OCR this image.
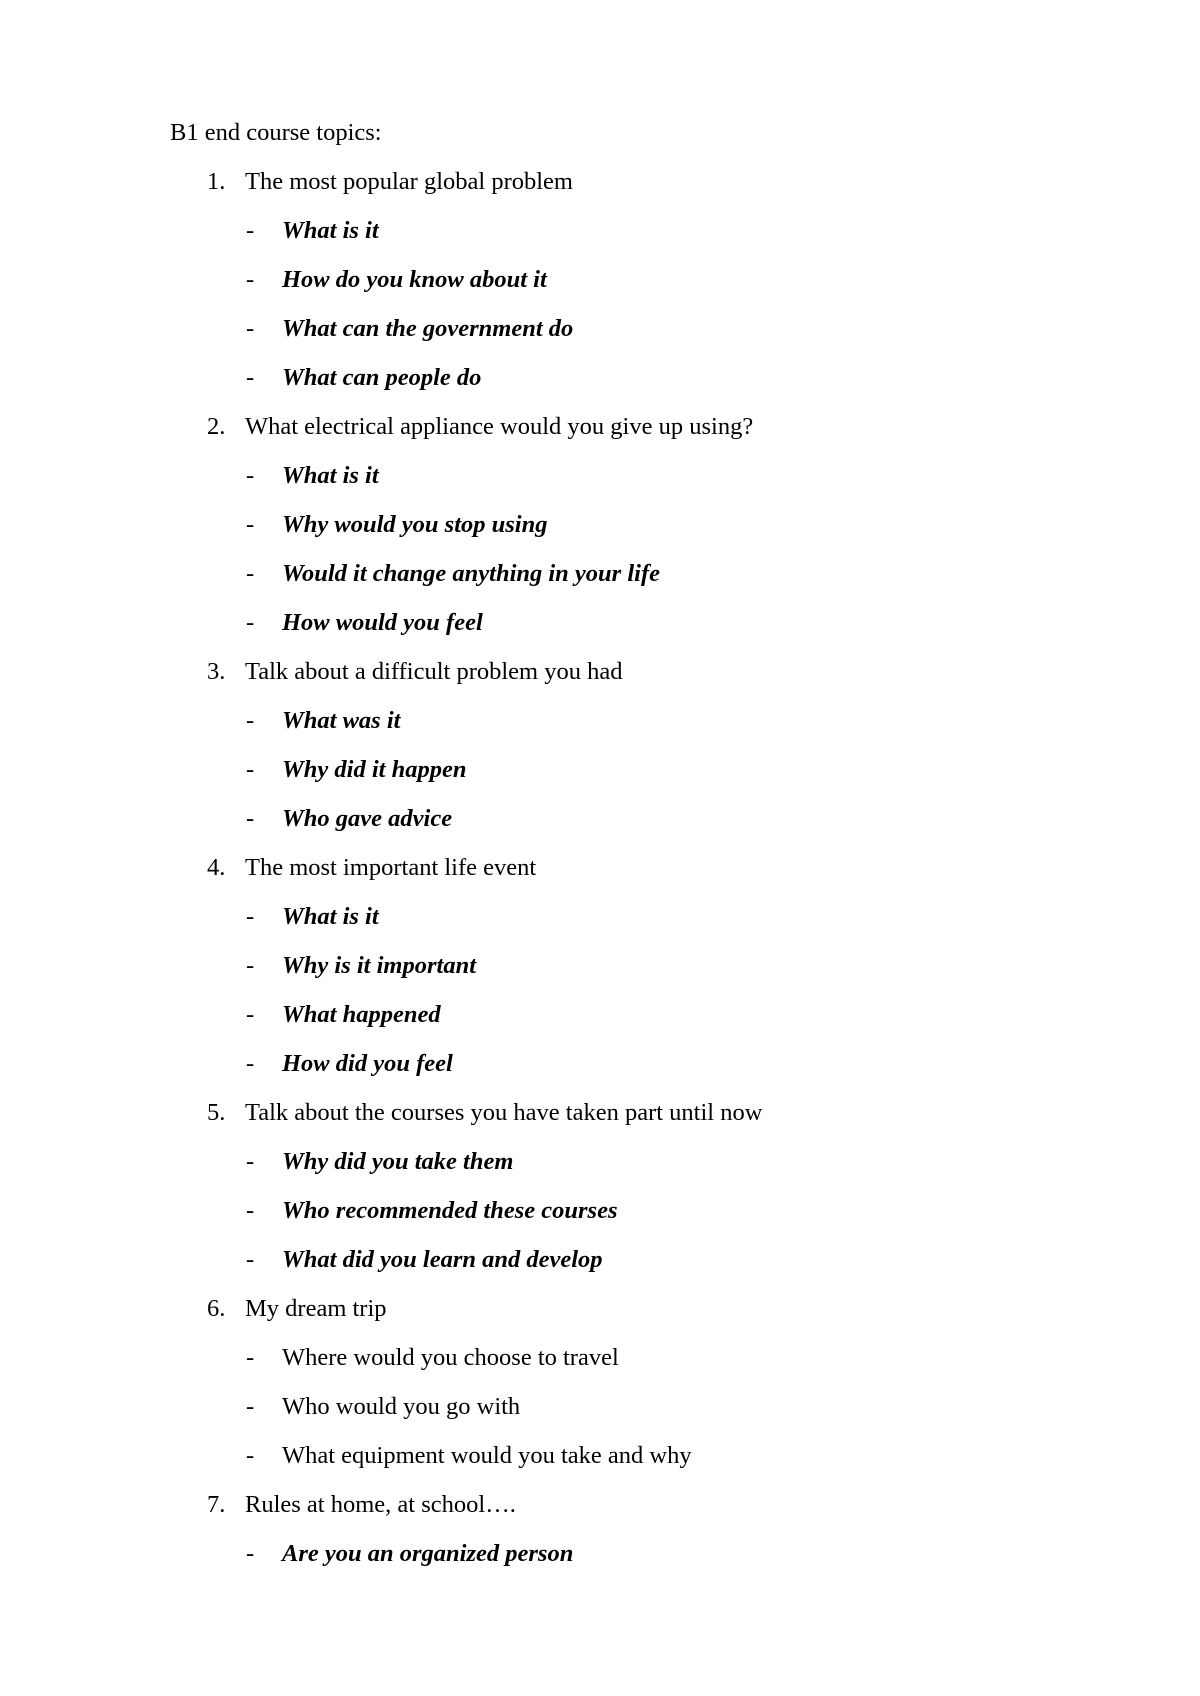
B1 end course topics:
1. The most popular global problem
- What is it
- How do you know about it
- What can the government do
- What can people do
2. What electrical appliance would you give up using?
- What is it
- Why would you stop using
- Would it change anything in your life
- How would you feel
3. Talk about a difficult problem you had
- What was it
- Why did it happen
- Who gave advice
4. The most important life event
- What is it
- Why is it important
- What happened
- How did you feel
5. Talk about the courses you have taken part until now
- Why did you take them
- Who recommended these courses
- What did you learn and develop
6. My dream trip
- Where would you choose to travel
- Who would you go with
- What equipment would you take and why
7. Rules at home, at school….
- Are you an organized person
